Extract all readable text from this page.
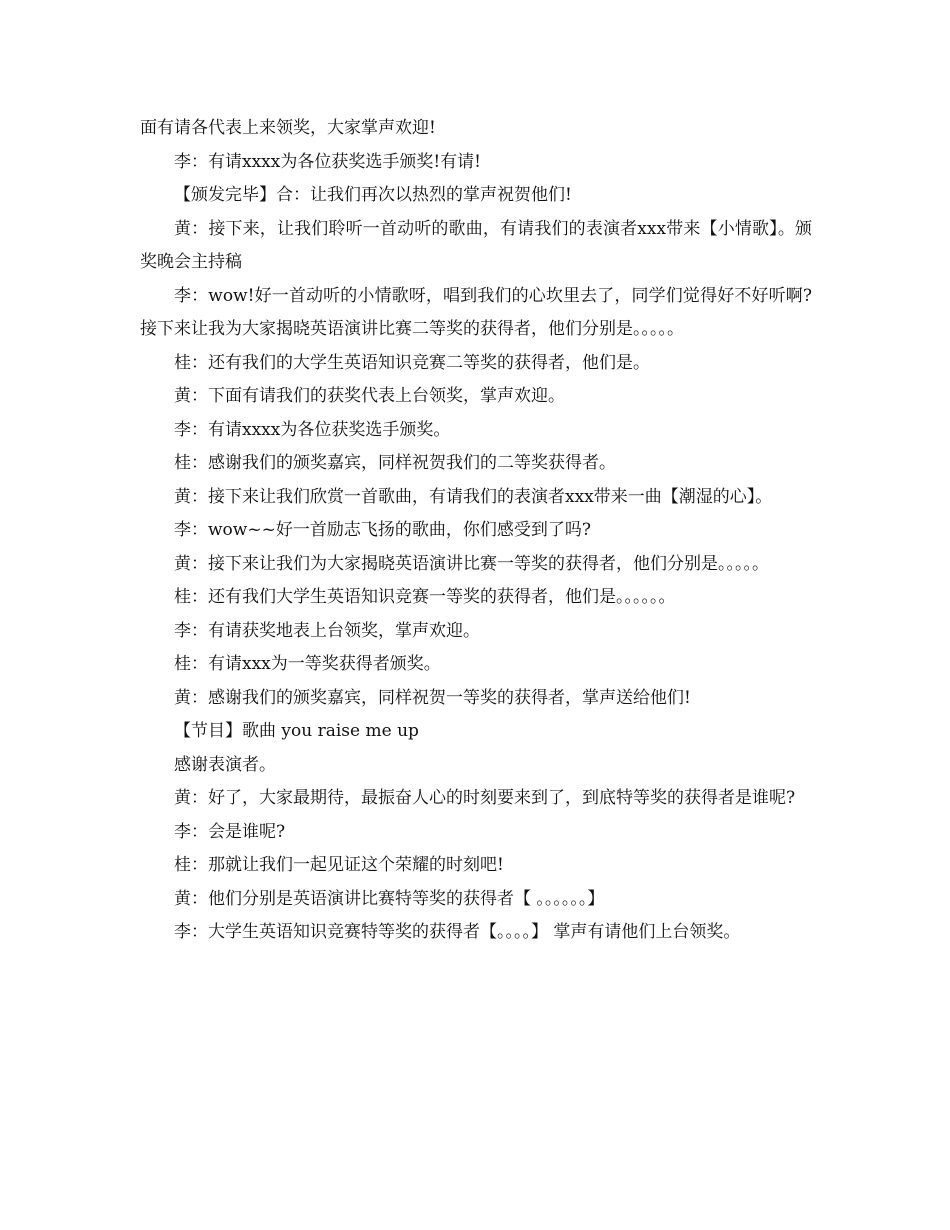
面有请各代表上来领奖，大家掌声欢迎!

李：有请xxxx为各位获奖选手颁奖!有请!

【颁发完毕】合：让我们再次以热烈的掌声祝贺他们!

黄：接下来，让我们聆听一首动听的歌曲，有请我们的表演者xxx带来【小情歌】。颁奖晚会主持稿

李：wow!好一首动听的小情歌呀，唱到我们的心坎里去了，同学们觉得好不好听啊?接下来让我为大家揭晓英语演讲比赛二等奖的获得者，他们分别是。。。。。

桂：还有我们的大学生英语知识竞赛二等奖的获得者，他们是。

黄：下面有请我们的获奖代表上台领奖，掌声欢迎。

李：有请xxxx为各位获奖选手颁奖。

桂：感谢我们的颁奖嘉宾，同样祝贺我们的二等奖获得者。

黄：接下来让我们欣赏一首歌曲，有请我们的表演者xxx带来一曲【潮湿的心】。

李：wow~~好一首励志飞扬的歌曲，你们感受到了吗?

黄：接下来让我们为大家揭晓英语演讲比赛一等奖的获得者，他们分别是。。。。。

桂：还有我们大学生英语知识竞赛一等奖的获得者，他们是。。。。。。

李：有请获奖地表上台领奖，掌声欢迎。

桂：有请xxx为一等奖获得者颁奖。

黄：感谢我们的颁奖嘉宾，同样祝贺一等奖的获得者，掌声送给他们!

【节目】歌曲 you raise me up

感谢表演者。

黄：好了，大家最期待，最振奋人心的时刻要来到了，到底特等奖的获得者是谁呢?

李：会是谁呢?

桂：那就让我们一起见证这个荣耀的时刻吧!

黄：他们分别是英语演讲比赛特等奖的获得者【 。。。。。。】

李：大学生英语知识竞赛特等奖的获得者【。。。。】 掌声有请他们上台领奖。
